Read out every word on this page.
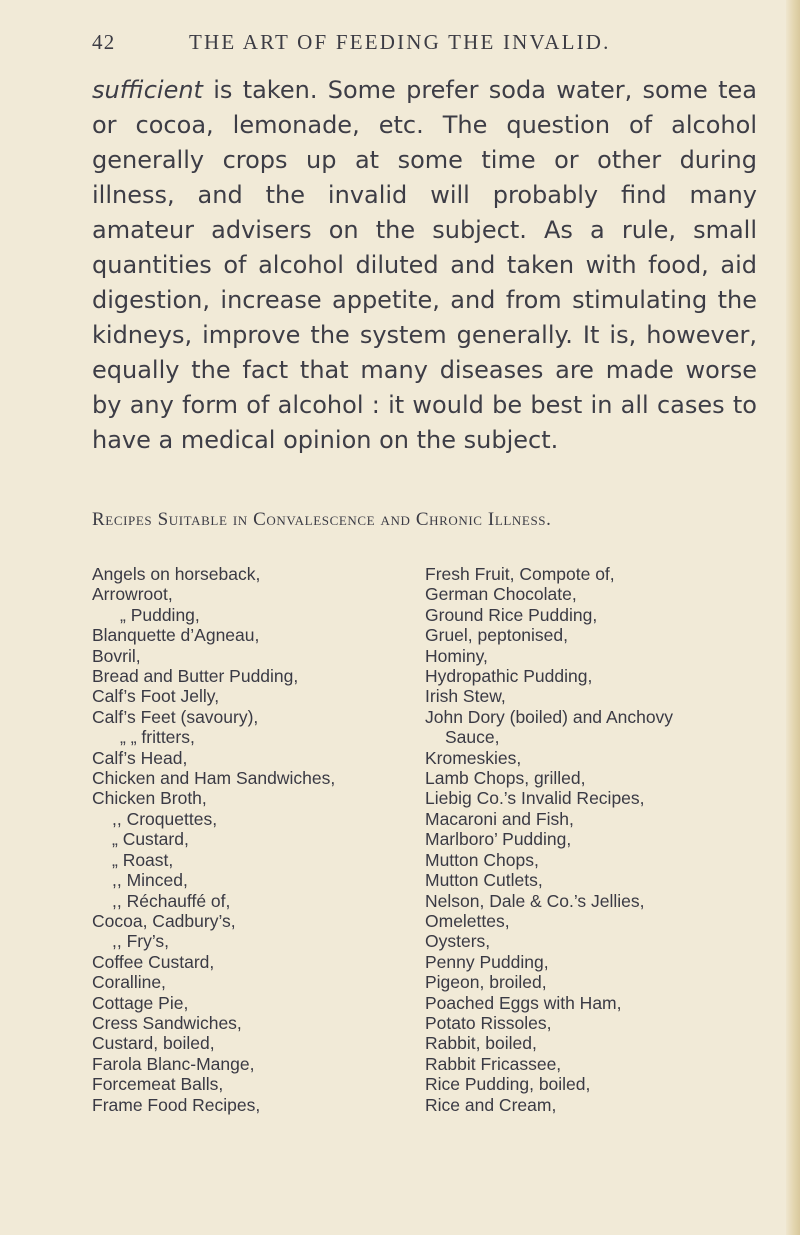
42	THE ART OF FEEDING THE INVALID.

sufficient is taken. Some prefer soda water, some tea or cocoa, lemonade, etc. The question of alcohol generally crops up at some time or other during illness, and the invalid will probably find many amateur advisers on the subject. As a rule, small quantities of alcohol diluted and taken with food, aid digestion, increase appetite, and from stimulating the kidneys, improve the system generally. It is, however, equally the fact that many diseases are made worse by any form of alcohol : it would be best in all cases to have a medical opinion on the subject.

Recipes Suitable in Convalescence and Chronic Illness.
Angels on horseback,
Arrowroot,
„ Pudding,
Blanquette d’Agneau,
Bovril,
Bread and Butter Pudding,
Calf’s Foot Jelly,
Calf’s Feet (savoury),
„ „ fritters,
Calf’s Head,
Chicken and Ham Sandwiches,
Chicken Broth,
,, Croquettes,
„ Custard,
„ Roast,
,, Minced,
,, Réchauffé of,
Cocoa, Cadbury’s,
,, Fry’s,
Coffee Custard,
Coralline,
Cottage Pie,
Cress Sandwiches,
Custard, boiled,
Farola Blanc-Mange,
Forcemeat Balls,
Frame Food Recipes,
Fresh Fruit, Compote of,
German Chocolate,
Ground Rice Pudding,
Gruel, peptonised,
Hominy,
Hydropathic Pudding,
Irish Stew,
John Dory (boiled) and Anchovy
Sauce,
Kromeskies,
Lamb Chops, grilled,
Liebig Co.’s Invalid Recipes,
Macaroni and Fish,
Marlboro’ Pudding,
Mutton Chops,
Mutton Cutlets,
Nelson, Dale & Co.’s Jellies,
Omelettes,
Oysters,
Penny Pudding,
Pigeon, broiled,
Poached Eggs with Ham,
Potato Rissoles,
Rabbit, boiled,
Rabbit Fricassee,
Rice Pudding, boiled,
Rice and Cream,
